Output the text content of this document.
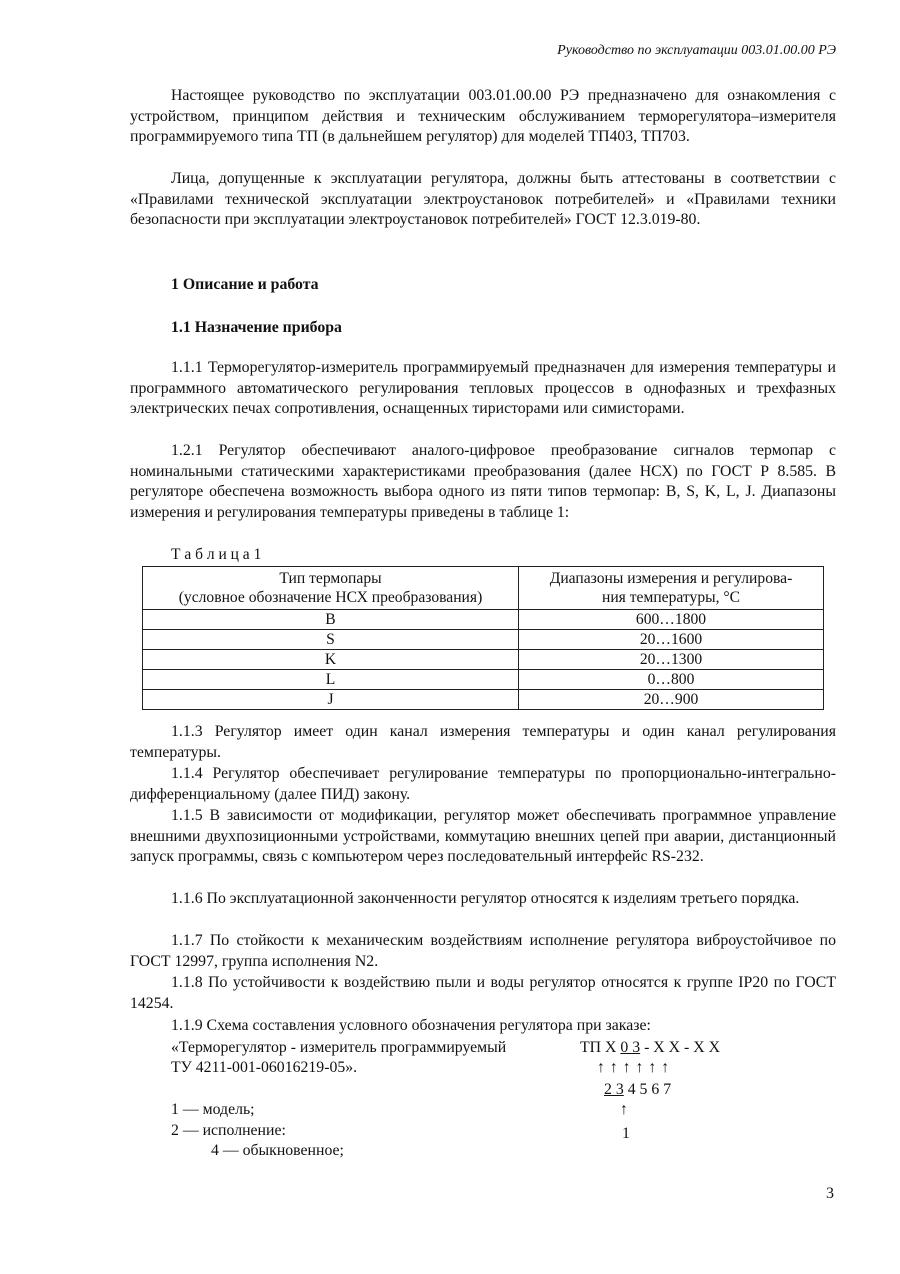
Руководство по эксплуатации 003.01.00.00 РЭ
Настоящее руководство по эксплуатации 003.01.00.00 РЭ предназначено для ознакомления с устройством, принципом действия и техническим обслуживанием терморегулятора–измерителя программируемого типа ТП (в дальнейшем регулятор) для моделей ТП403, ТП703.
Лица, допущенные к эксплуатации регулятора, должны быть аттестованы в соответствии с «Правилами технической эксплуатации электроустановок потребителей» и «Правилами техники безопасности при эксплуатации электроустановок потребителей» ГОСТ 12.3.019-80.
1 Описание и работа
1.1 Назначение прибора
1.1.1 Терморегулятор-измеритель программируемый предназначен для измерения температуры и программного автоматического регулирования тепловых процессов в однофазных и трехфазных электрических печах сопротивления, оснащенных тиристорами или симисторами.
1.2.1 Регулятор обеспечивают аналого-цифровое преобразование сигналов термопар с номинальными статическими характеристиками преобразования (далее НСХ) по ГОСТ Р 8.585. В регуляторе обеспечена возможность выбора одного из пяти типов термопар: B, S, K, L, J. Диапазоны измерения и регулирования температуры приведены в таблице 1:
Т а б л и ц а 1
Тип термопары
(условное обозначение НСХ преобразования)	Диапазоны измерения и регулирова-
ния температуры, °С
B	600…1800
S	20…1600
K	20…1300
L	0…800
J	20…900
1.1.3 Регулятор имеет один канал измерения температуры и один канал регулирования температуры.
1.1.4 Регулятор обеспечивает регулирование температуры по пропорционально-интегрально-дифференциальному (далее ПИД) закону.
1.1.5 В зависимости от модификации, регулятор может обеспечивать программное управление внешними двухпозиционными устройствами, коммутацию внешних цепей при аварии, дистанционный запуск программы, связь с компьютером через последовательный интерфейс RS-232.
1.1.6 По эксплуатационной законченности регулятор относятся к изделиям третьего порядка.
1.1.7 По стойкости к механическим воздействиям исполнение регулятора виброустойчивое по ГОСТ 12997, группа исполнения N2.
1.1.8 По устойчивости к воздействию пыли и воды регулятор относятся к группе IP20 по ГОСТ 14254.
1.1.9 Схема составления условного обозначения регулятора при заказе:
«Терморегулятор - измеритель программируемый
ТУ 4211-001-06016219-05».
ТП Х 0 3 - Х Х - Х Х
↑ ↑ ↑ ↑ ↑ ↑
2 3 4 5 6 7
↑
1
1 — модель;
2 — исполнение:
4 — обыкновенное;
3
